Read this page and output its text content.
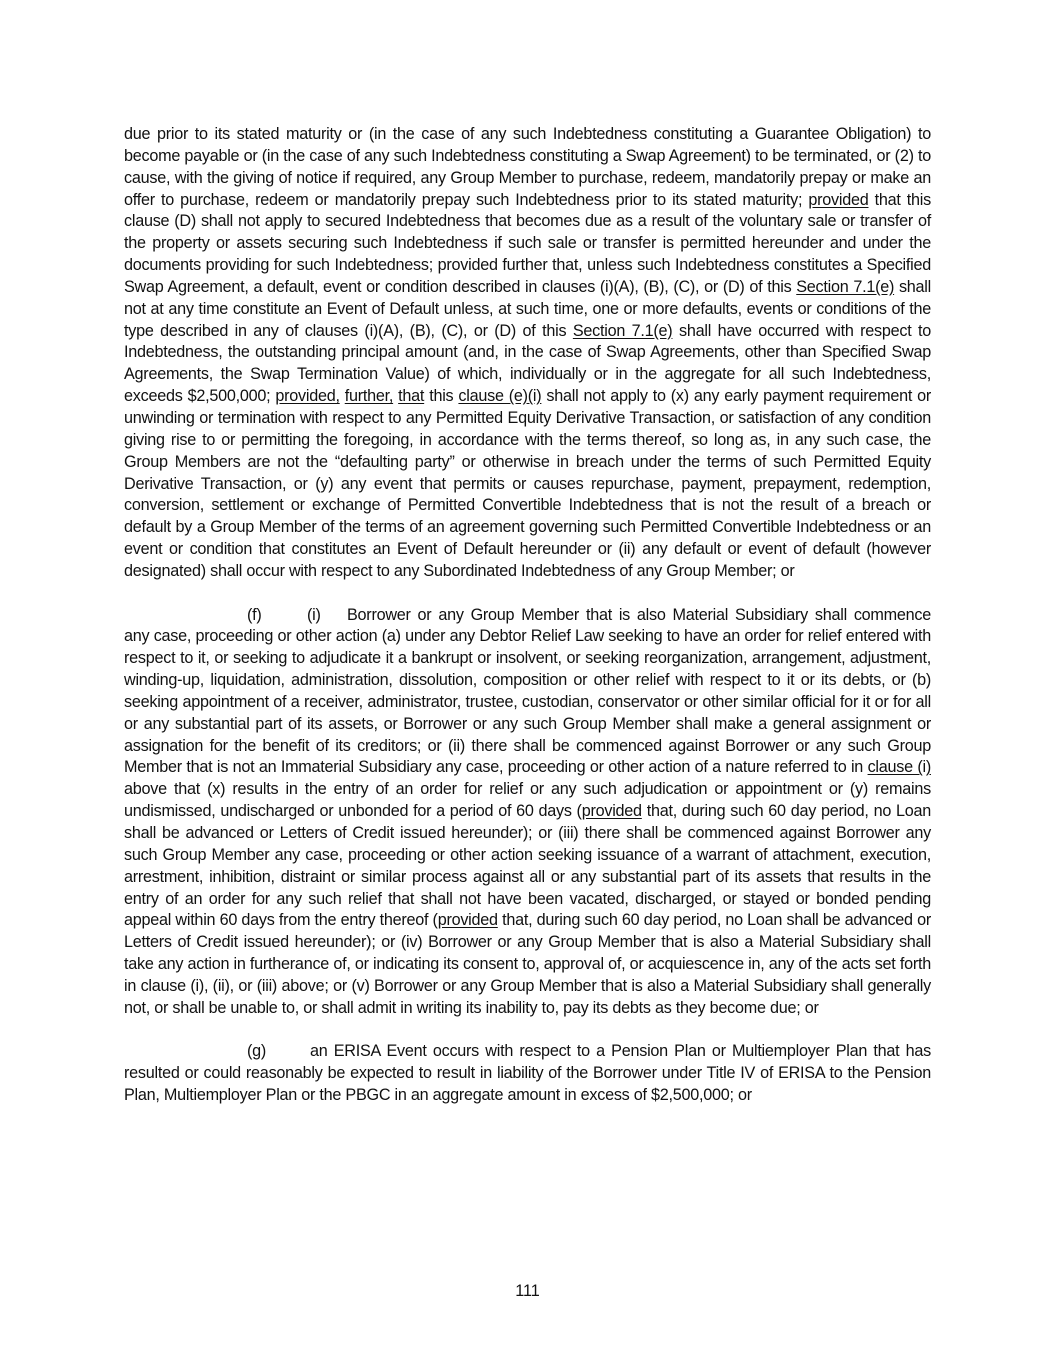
due prior to its stated maturity or (in the case of any such Indebtedness constituting a Guarantee Obligation) to become payable or (in the case of any such Indebtedness constituting a Swap Agreement) to be terminated, or (2) to cause, with the giving of notice if required, any Group Member to purchase, redeem, mandatorily prepay or make an offer to purchase, redeem or mandatorily prepay such Indebtedness prior to its stated maturity; provided that this clause (D) shall not apply to secured Indebtedness that becomes due as a result of the voluntary sale or transfer of the property or assets securing such Indebtedness if such sale or transfer is permitted hereunder and under the documents providing for such Indebtedness; provided further that, unless such Indebtedness constitutes a Specified Swap Agreement, a default, event or condition described in clauses (i)(A), (B), (C), or (D) of this Section 7.1(e) shall not at any time constitute an Event of Default unless, at such time, one or more defaults, events or conditions of the type described in any of clauses (i)(A), (B), (C), or (D) of this Section 7.1(e) shall have occurred with respect to Indebtedness, the outstanding principal amount (and, in the case of Swap Agreements, other than Specified Swap Agreements, the Swap Termination Value) of which, individually or in the aggregate for all such Indebtedness, exceeds $2,500,000; provided, further, that this clause (e)(i) shall not apply to (x) any early payment requirement or unwinding or termination with respect to any Permitted Equity Derivative Transaction, or satisfaction of any condition giving rise to or permitting the foregoing, in accordance with the terms thereof, so long as, in any such case, the Group Members are not the “defaulting party” or otherwise in breach under the terms of such Permitted Equity Derivative Transaction, or (y) any event that permits or causes repurchase, payment, prepayment, redemption, conversion, settlement or exchange of Permitted Convertible Indebtedness that is not the result of a breach or default by a Group Member of the terms of an agreement governing such Permitted Convertible Indebtedness or an event or condition that constitutes an Event of Default hereunder or (ii) any default or event of default (however designated) shall occur with respect to any Subordinated Indebtedness of any Group Member; or

(f)	(i) Borrower or any Group Member that is also Material Subsidiary shall commence any case, proceeding or other action (a) under any Debtor Relief Law seeking to have an order for relief entered with respect to it, or seeking to adjudicate it a bankrupt or insolvent, or seeking reorganization, arrangement, adjustment, winding-up, liquidation, administration, dissolution, composition or other relief with respect to it or its debts, or (b) seeking appointment of a receiver, administrator, trustee, custodian, conservator or other similar official for it or for all or any substantial part of its assets, or Borrower or any such Group Member shall make a general assignment or assignation for the benefit of its creditors; or (ii) there shall be commenced against Borrower or any such Group Member that is not an Immaterial Subsidiary any case, proceeding or other action of a nature referred to in clause (i) above that (x) results in the entry of an order for relief or any such adjudication or appointment or (y) remains undismissed, undischarged or unbonded for a period of 60 days (provided that, during such 60 day period, no Loan shall be advanced or Letters of Credit issued hereunder); or (iii) there shall be commenced against Borrower any such Group Member any case, proceeding or other action seeking issuance of a warrant of attachment, execution, arrestment, inhibition, distraint or similar process against all or any substantial part of its assets that results in the entry of an order for any such relief that shall not have been vacated, discharged, or stayed or bonded pending appeal within 60 days from the entry thereof (provided that, during such 60 day period, no Loan shall be advanced or Letters of Credit issued hereunder); or (iv) Borrower or any Group Member that is also a Material Subsidiary shall take any action in furtherance of, or indicating its consent to, approval of, or acquiescence in, any of the acts set forth in clause (i), (ii), or (iii) above; or (v) Borrower or any Group Member that is also a Material Subsidiary shall generally not, or shall be unable to, or shall admit in writing its inability to, pay its debts as they become due; or

(g)	an ERISA Event occurs with respect to a Pension Plan or Multiemployer Plan that has resulted or could reasonably be expected to result in liability of the Borrower under Title IV of ERISA to the Pension Plan, Multiemployer Plan or the PBGC in an aggregate amount in excess of $2,500,000; or

111
